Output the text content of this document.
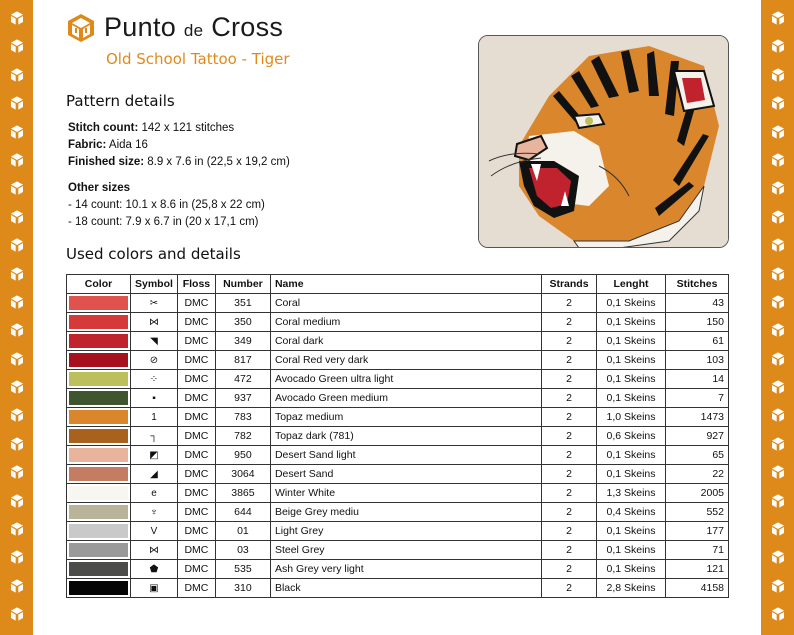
Punto de Cross
Old School Tattoo - Tiger
Pattern details
Stitch count: 142 x 121 stitches
Fabric: Aida 16
Finished size: 8.9 x 7.6 in (22,5 x 19,2 cm)
Other sizes
- 14 count: 10.1 x 8.6 in (25,8 x 22 cm)
- 18 count: 7.9 x 6.7 in (20 x 17,1 cm)
Used colors and details
Color	Symbol	Floss	Number	Name	Strands	Lenght	Stitches

	✂	DMC	351	Coral	2	0,1 Skeins	43

	⋈	DMC	350	Coral medium	2	0,1 Skeins	150

	◥	DMC	349	Coral dark	2	0,1 Skeins	61

	⊘	DMC	817	Coral Red very dark	2	0,1 Skeins	103

	⁘	DMC	472	Avocado Green ultra light	2	0,1 Skeins	14

	▪	DMC	937	Avocado Green medium	2	0,1 Skeins	7

	1	DMC	783	Topaz medium	2	1,0 Skeins	1473

	┐	DMC	782	Topaz dark (781)	2	0,6 Skeins	927

	◩	DMC	950	Desert Sand light	2	0,1 Skeins	65

	◢	DMC	3064	Desert Sand	2	0,1 Skeins	22

	e	DMC	3865	Winter White	2	1,3 Skeins	2005

	♆	DMC	644	Beige Grey mediu	2	0,4 Skeins	552

	V	DMC	01	Light Grey	2	0,1 Skeins	177

	⋈	DMC	03	Steel Grey	2	0,1 Skeins	71

	⬟	DMC	535	Ash Grey very light	2	0,1 Skeins	121

	▣	DMC	310	Black	2	2,8 Skeins	4158
